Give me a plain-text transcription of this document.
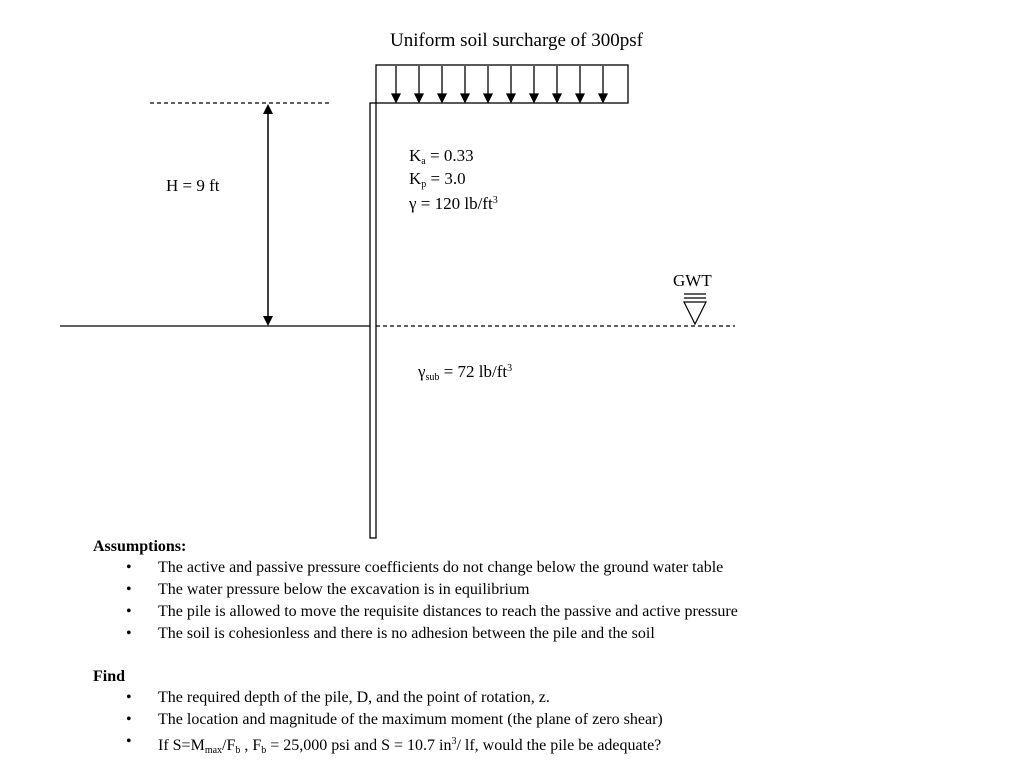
Uniform soil surcharge of 300psf
H = 9 ft
$K_a = 0.33$
$K_p = 3.0$
γ = 120 $lb/ft^3$
GWT
$\gamma_{sub} = 72$ $lb/ft^3$
Assumptions:
• The active and passive pressure coefficients do not change below the ground water table
• The water pressure below the excavation is in equilibrium
• The pile is allowed to move the requisite distances to reach the passive and active pressure
• The soil is cohesionless and there is no adhesion between the pile and the soil
Find
• The required depth of the pile, D, and the point of rotation, z.
• The location and magnitude of the maximum moment (the plane of zero shear)
• If $S=M_{max}/F_b$ , $F_b = 25,000$ psi and S = 10.7 $in^3/$ lf, would the pile be adequate?
